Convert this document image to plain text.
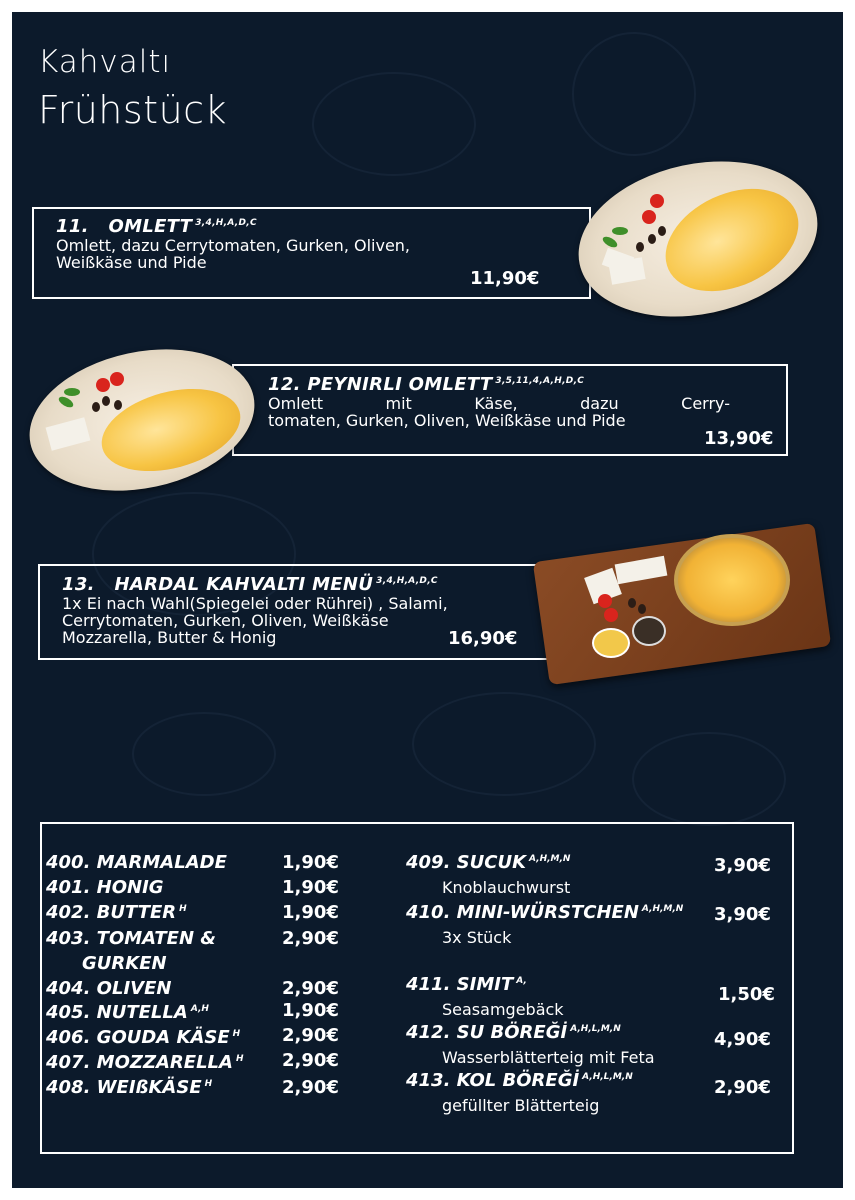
Kahvaltı
Frühstück
11. OMLETT $^{3,4,H,A,D,C}$
Omlett, dazu Cerrytomaten, Gurken, Oliven,
Weißkäse und Pide
11,90€
12. PEYNIRLI OMLETT $^{3,5,11,4,A,H,D,C}$
Omlett mit Käse, dazu Cerry-
tomaten, Gurken, Oliven, Weißkäse und Pide
13,90€
13. HARDAL KAHVALTI MENÜ $^{3,4,H,A,D,C}$
1x Ei nach Wahl(Spiegelei oder Rührei) , Salami,
Cerrytomaten, Gurken, Oliven, Weißkäse
Mozzarella, Butter & Honig	16,90€
400. MARMALADE	1,90€
401. HONIG	1,90€
402. BUTTER $^H$	1,90€
403. TOMATEN &
GURKEN
2,90€
404. OLIVEN	2,90€
405. NUTELLA $^{A,H}$	1,90€
406. GOUDA KÄSE $^H$ 2,90€
407. MOZZARELLA $^H$ 2,90€
408. WEIßKÄSE $^H$	2,90€
409. SUCUK $^{A,H,M,N}$
Knoblauchwurst
3,90€
410. MINI-WÜRSTCHEN $^{A,H,M,N}$
3x Stück
3,90€
411. SIMIT $^{A,}$
Seasamgebäck
1,50€
412. SU BÖREĞİ $^{A,H,L,M,N}$
Wasserblätterteig mit Feta
4,90€
413. KOL BÖREĞİ $^{A,H,L,M,N}$
gefüllter Blätterteig
2,90€
